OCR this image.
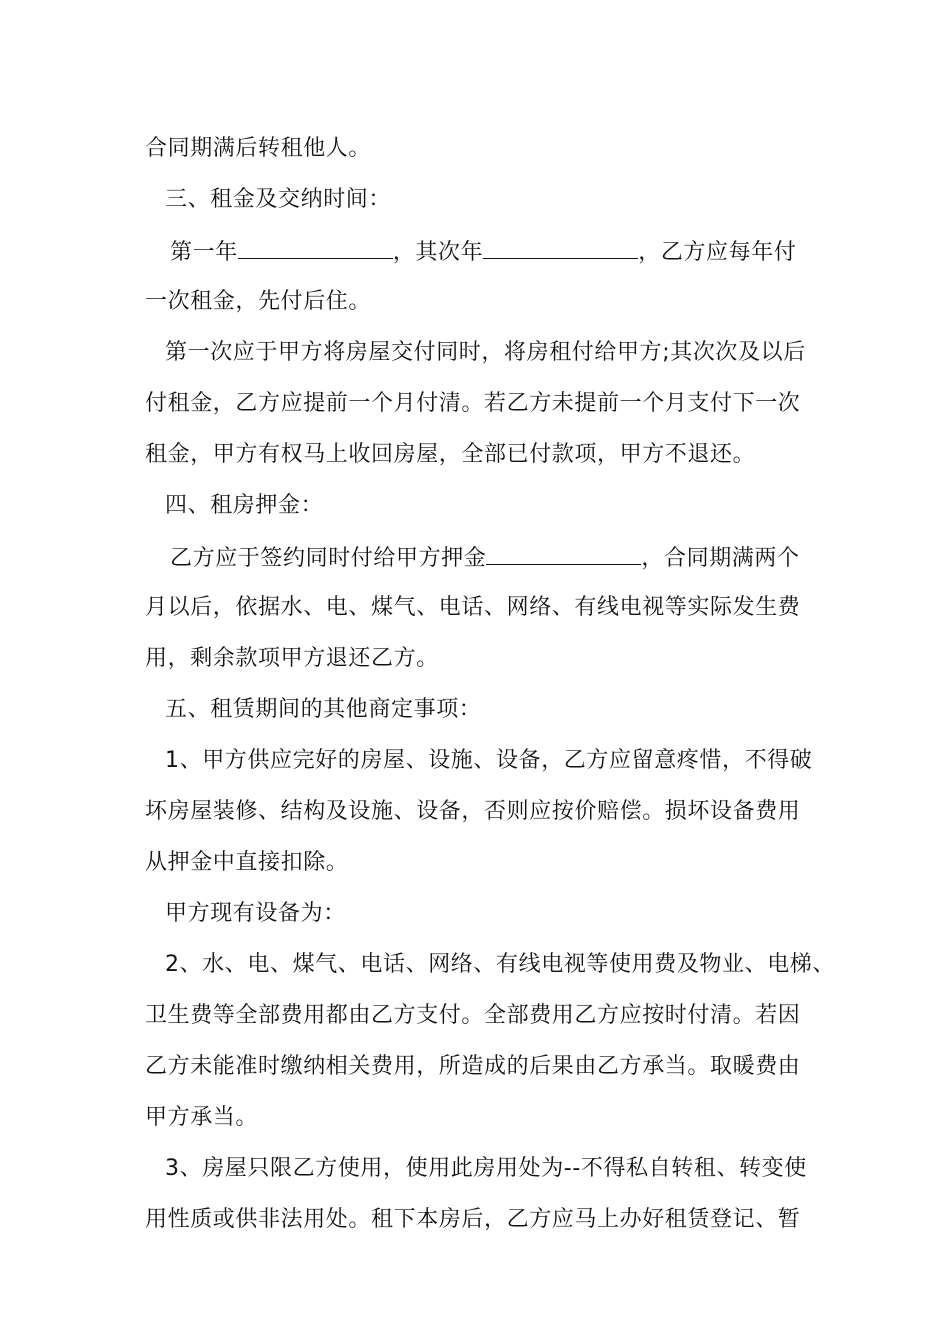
合同期满后转租他人。
三、租金及交纳时间：
第一年	，其次年	，乙方应每年付
一次租金，先付后住。
第一次应于甲方将房屋交付同时，将房租付给甲方;其次次及以后
付租金，乙方应提前一个月付清。若乙方未提前一个月支付下一次
租金，甲方有权马上收回房屋，全部已付款项，甲方不退还。
四、租房押金：
乙方应于签约同时付给甲方押金	，合同期满两个
月以后，依据水、电、煤气、电话、网络、有线电视等实际发生费
用，剩余款项甲方退还乙方。
五、租赁期间的其他商定事项：
1、甲方供应完好的房屋、设施、设备，乙方应留意疼惜，不得破
坏房屋装修、结构及设施、设备，否则应按价赔偿。损坏设备费用
从押金中直接扣除。
甲方现有设备为：
2、水、电、煤气、电话、网络、有线电视等使用费及物业、电梯、
卫生费等全部费用都由乙方支付。全部费用乙方应按时付清。若因
乙方未能准时缴纳相关费用，所造成的后果由乙方承当。取暖费由
甲方承当。
3、房屋只限乙方使用，使用此房用处为--不得私自转租、转变使
用性质或供非法用处。租下本房后，乙方应马上办好租赁登记、暂
